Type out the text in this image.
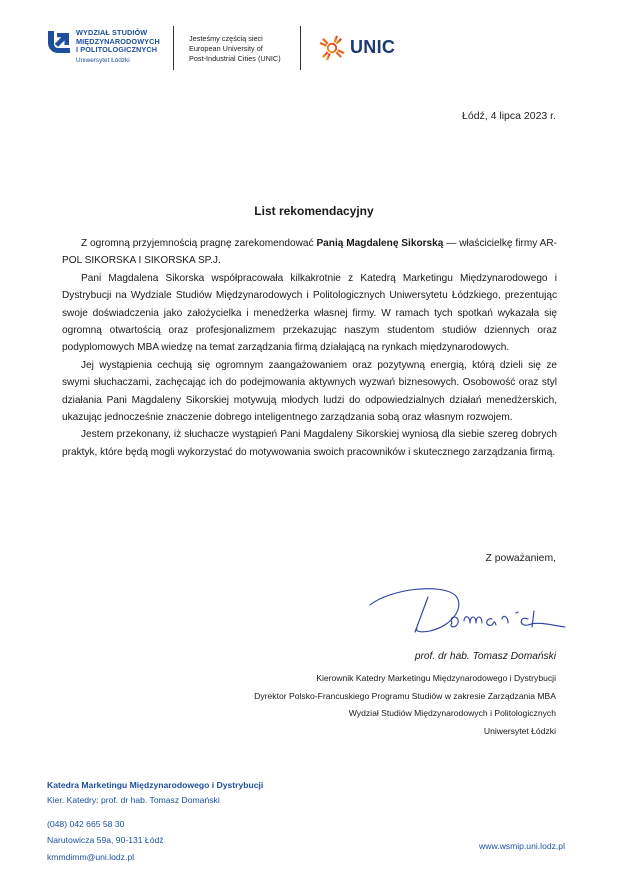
WYDZIAŁ STUDIÓW
MIĘDZYNARODOWYCH
I POLITOLOGICZNYCH
Uniwersytet Łódzki
Jesteśmy częścią sieci
European University of
Post-Industrial Cities (UNIC)
UNIC
Łódź, 4 lipca 2023 r.
List rekomendacyjny

Z ogromną przyjemnością pragnę zarekomendować Panią Magdalenę Sikorską — właścicielkę firmy AR-POL SIKORSKA I SIKORSKA SP.J.

Pani Magdalena Sikorska współpracowała kilkakrotnie z Katedrą Marketingu Międzynarodowego i Dystrybucji na Wydziale Studiów Międzynarodowych i Politologicznych Uniwersytetu Łódzkiego, prezentując swoje doświadczenia jako założycielka i menedżerka własnej firmy. W ramach tych spotkań wykazała się ogromną otwartością oraz profesjonalizmem przekazując naszym studentom studiów dziennych oraz podyplomowych MBA wiedzę na temat zarządzania firmą działającą na rynkach międzynarodowych.

Jej wystąpienia cechują się ogromnym zaangażowaniem oraz pozytywną energią, którą dzieli się ze swymi słuchaczami, zachęcając ich do podejmowania aktywnych wyzwań biznesowych. Osobowość oraz styl działania Pani Magdaleny Sikorskiej motywują młodych ludzi do odpowiedzialnych działań menedżerskich, ukazując jednocześnie znaczenie dobrego inteligentnego zarządzania sobą oraz własnym rozwojem.

Jestem przekonany, iż słuchacze wystąpień Pani Magdaleny Sikorskiej wyniosą dla siebie szereg dobrych praktyk, które będą mogli wykorzystać do motywowania swoich pracowników i skutecznego zarządzania firmą.

Z poważaniem,
prof. dr hab. Tomasz Domański
Kierownik Katedry Marketingu Międzynarodowego i Dystrybucji
Dyrektor Polsko-Francuskiego Programu Studiów w zakresie Zarządzania MBA
Wydział Studiów Międzynarodowych i Politologicznych
Uniwersytet Łódzki
Katedra Marketingu Międzynarodowego i Dystrybucji
Kier. Katedry: prof. dr hab. Tomasz Domański
(048) 042 665 58 30
Narutowicza 59a, 90-131 Łódź
kmmdimm@uni.lodz.pl
www.wsmip.uni.lodz.pl
